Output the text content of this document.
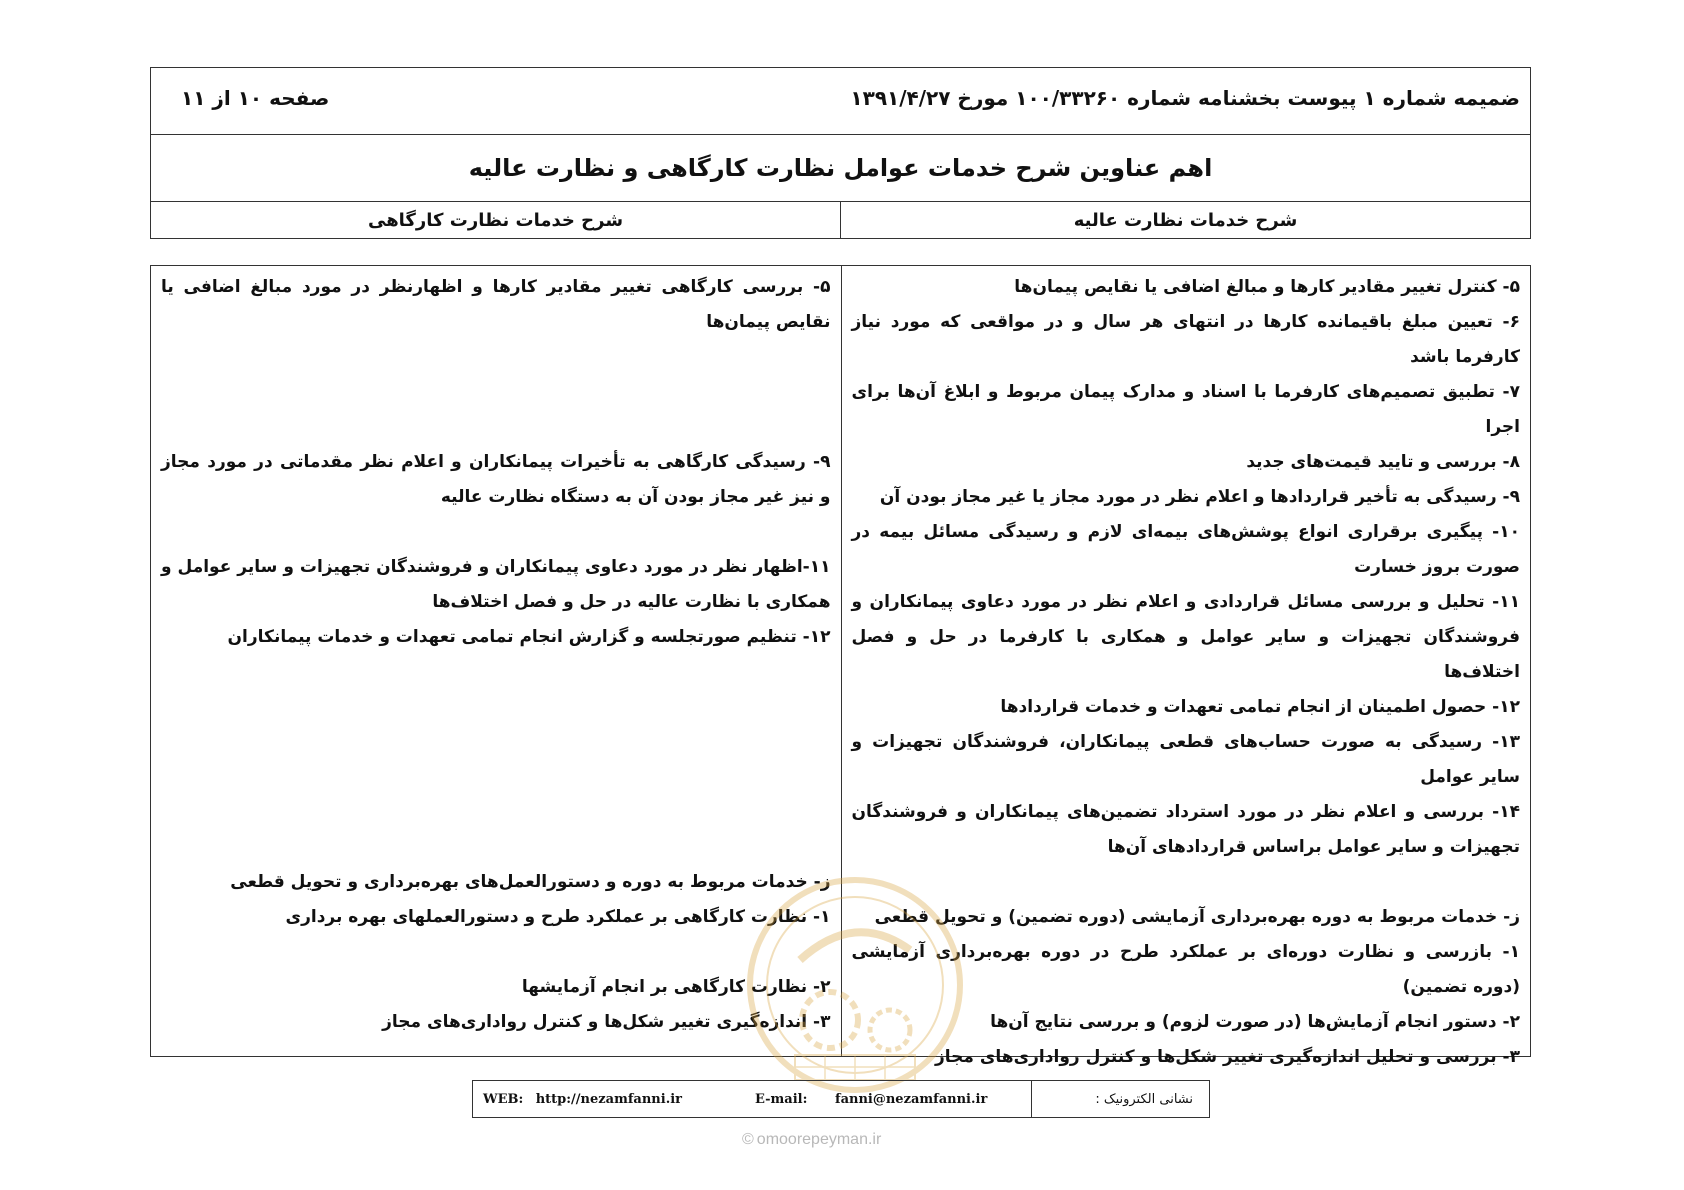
ضمیمه شماره ۱ پیوست بخشنامه شماره ۱۰۰/۳۳۲۶۰ مورخ ۱۳۹۱/۴/۲۷
صفحه ۱۰ از ۱۱
اهم عناوین شرح خدمات عوامل نظارت کارگاهی و نظارت عالیه
شرح خدمات نظارت عالیه
شرح خدمات نظارت کارگاهی

۵- کنترل تغییر مقادیر کارها و مبالغ اضافی یا نقایص پیمان‌ها

۶- تعیین مبلغ باقیمانده کارها در انتهای هر سال و در مواقعی که مورد نیاز کارفرما باشد

۷- تطبیق تصمیم‌های کارفرما با اسناد و مدارک پیمان مربوط و ابلاغ آن‌ها برای اجرا

۸- بررسی و تایید قیمت‌های جدید

۹- رسیدگی به تأخیر قراردادها و اعلام نظر در مورد مجاز یا غیر مجاز بودن آن

۱۰- پیگیری برقراری انواع پوشش‌های بیمه‌ای لازم و رسیدگی مسائل بیمه در صورت بروز خسارت

۱۱- تحلیل و بررسی مسائل قراردادی و اعلام نظر در مورد دعاوی پیمانکاران و فروشندگان تجهیزات و سایر عوامل و همکاری با کارفرما در حل و فصل اختلاف‌ها

۱۲- حصول اطمینان از انجام تمامی تعهدات و خدمات قراردادها

۱۳- رسیدگی به صورت حساب‌های قطعی پیمانکاران، فروشندگان تجهیزات و سایر عوامل

۱۴- بررسی و اعلام نظر در مورد استرداد تضمین‌های پیمانکاران و فروشندگان تجهیزات و سایر عوامل براساس قراردادهای آن‌ها

ز- خدمات مربوط به دوره بهره‌برداری آزمایشی (دوره تضمین) و تحویل قطعی

۱- بازرسی و نظارت دوره‌ای بر عملکرد طرح در دوره بهره‌برداری آزمایشی (دوره تضمین)

۲- دستور انجام آزمایش‌ها (در صورت لزوم) و بررسی نتایج آن‌ها

۳- بررسی و تحلیل اندازه‌گیری تغییر شکل‌ها و کنترل رواداری‌های مجاز

۵- بررسی کارگاهی تغییر مقادیر کارها و اظهارنظر در مورد مبالغ اضافی یا نقایص پیمان‌ها

۹- رسیدگی کارگاهی به تأخیرات پیمانکاران و اعلام نظر مقدماتی در مورد مجاز و نیز غیر مجاز بودن آن به دستگاه نظارت عالیه

۱۱-اظهار نظر در مورد دعاوی پیمانکاران و فروشندگان تجهیزات و سایر عوامل و همکاری با نظارت عالیه در حل و فصل اختلاف‌ها

۱۲- تنظیم صورتجلسه و گزارش انجام تمامی تعهدات و خدمات پیمانکاران

ز- خدمات مربوط به دوره و دستورالعمل‌های بهره‌برداری و تحویل قطعی

۱- نظارت کارگاهی بر عملکرد طرح و دستورالعملهای بهره برداری

۲- نظارت کارگاهی بر انجام آزمایشها

۳- اندازه‌گیری تغییر شکل‌ها و کنترل رواداری‌های مجاز

WEB: http://nezamfanni.ir	E-mail: fanni@nezamfanni.ir	نشانی الکترونیک :
© omoorepeyman.ir
